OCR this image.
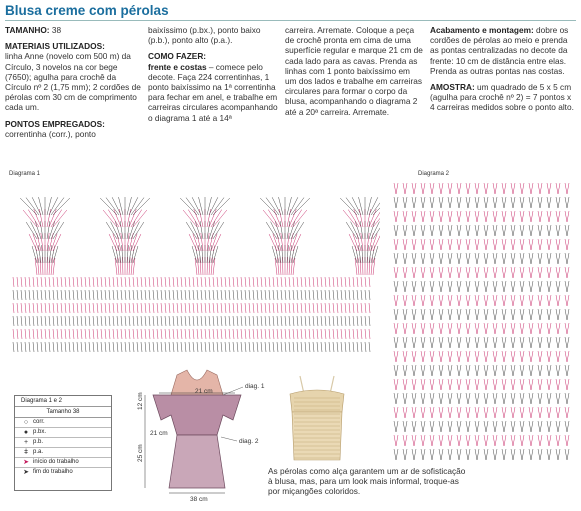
Blusa creme com pérolas

TAMANHO: 38

MATERIAIS UTILIZADOS:

linha Anne (novelo com 500 m) da Círculo, 3 novelos na cor bege (7650); agulha para crochê da Círculo nº 2 (1,75 mm); 2 cordões de pérolas com 30 cm de comprimento cada um.

PONTOS EMPREGADOS:

correntinha (corr.), ponto

baixíssimo (p.bx.), ponto baixo (p.b.), ponto alto (p.a.).

COMO FAZER:

frente e costas – comece pelo decote. Faça 224 correntinhas, 1 ponto baixíssimo na 1ª correntinha para fechar em anel, e trabalhe em carreiras circulares acompanhando o diagrama 1 até a 14ª

carreira. Arremate. Coloque a peça de crochê pronta em cima de uma superfície regular e marque 21 cm de cada lado para as cavas. Prenda as linhas com 1 ponto baixíssimo em um dos lados e trabalhe em carreiras circulares para formar o corpo da blusa, acompanhando o diagrama 2 até a 20ª carreira. Arremate.

Acabamento e montagem: dobre os cordões de pérolas ao meio e prenda as pontas centralizadas no decote da frente: 10 cm de distância entre elas. Prenda as outras pontas nas costas.

AMOSTRA: um quadrado de 5 x 5 cm (agulha para crochê nº 2) = 7 pontos x 4 carreiras medidos sobre o ponto alto.

Diagrama 1	Diagrama 2
Diagrama 1 e 2
Tamanho 38
○ corr.
● p.bx.
+ p.b.
ǂ p.a.
➤ início do trabalho
➤ fim do trabalho
21 cm
21 cm
12 cm
25 cm
38 cm
diag. 1
diag. 2
As pérolas como alça garantem um ar de sofisticação à blusa, mas, para um look mais informal, troque-as por miçangões coloridos.
